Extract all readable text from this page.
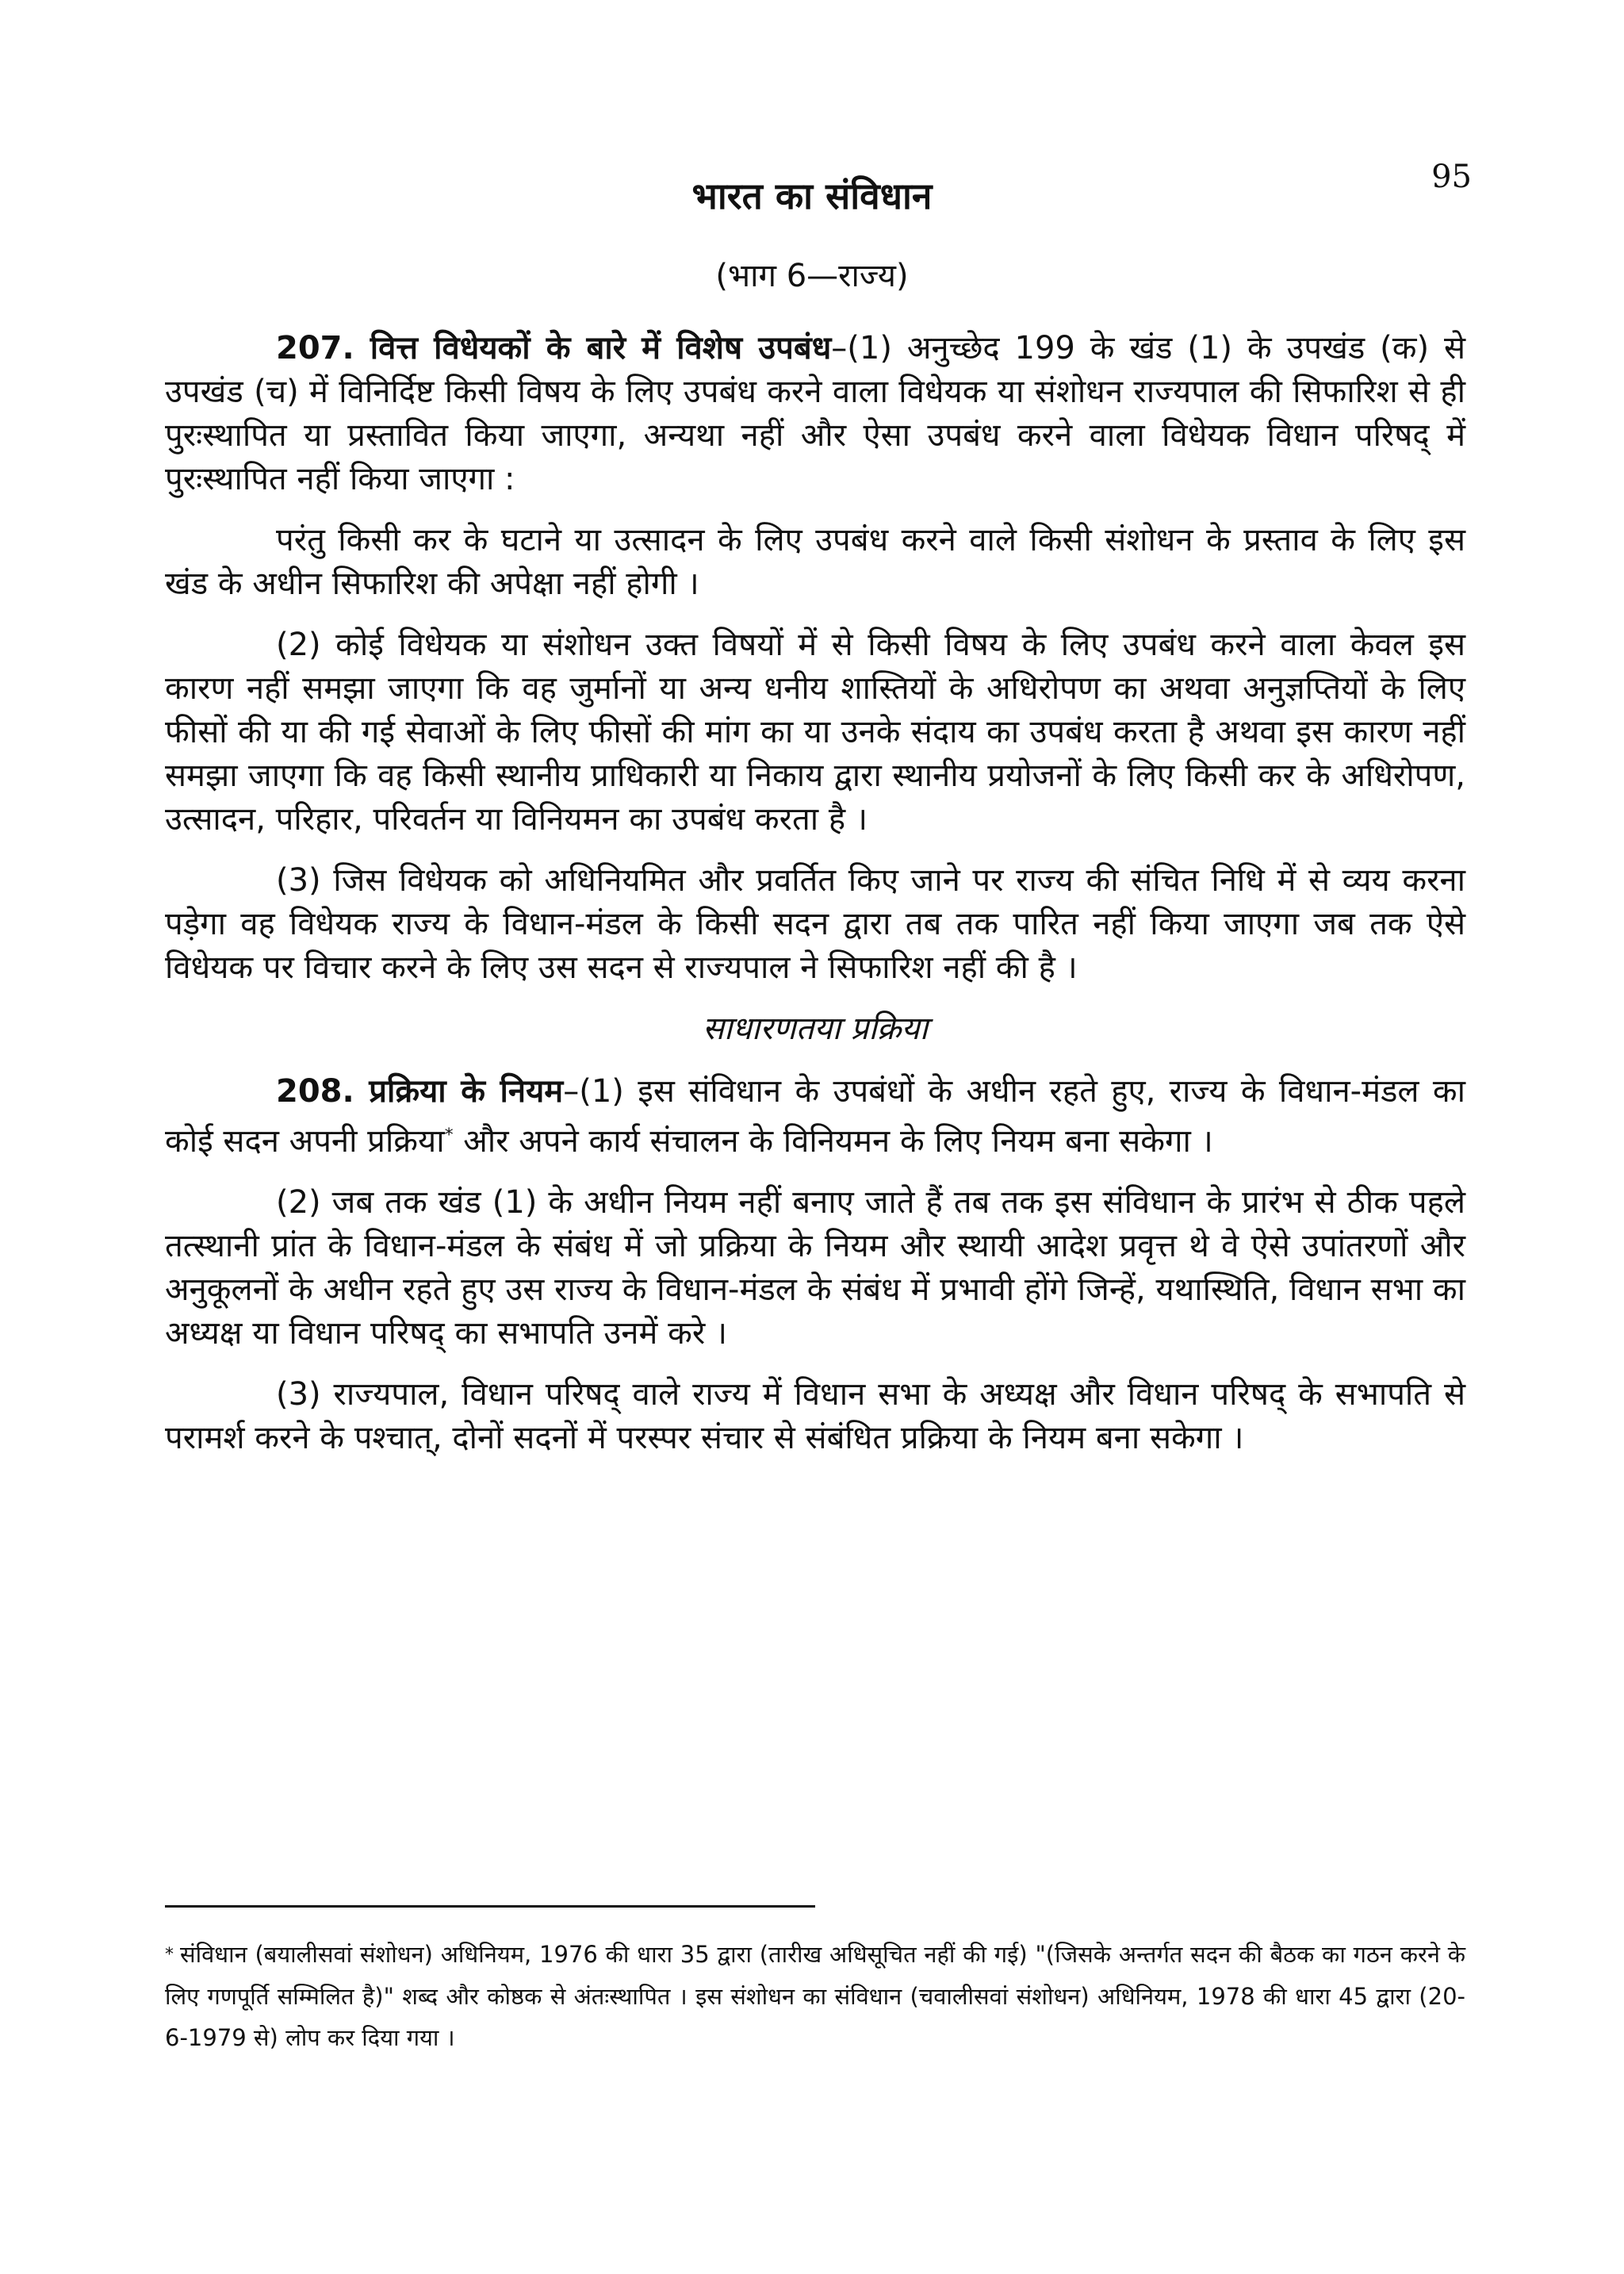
95
भारत का संविधान
(भाग 6—राज्य)

207. वित्त विधेयकों के बारे में विशेष उपबंध–(1) अनुच्छेद 199 के खंड (1) के उपखंड (क) से उपखंड (च) में विनिर्दिष्ट किसी विषय के लिए उपबंध करने वाला विधेयक या संशोधन राज्यपाल की सिफारिश से ही पुरःस्थापित या प्रस्तावित किया जाएगा, अन्यथा नहीं और ऐसा उपबंध करने वाला विधेयक विधान परिषद् में पुरःस्थापित नहीं किया जाएगा :

परंतु किसी कर के घटाने या उत्सादन के लिए उपबंध करने वाले किसी संशोधन के प्रस्ताव के लिए इस खंड के अधीन सिफारिश की अपेक्षा नहीं होगी ।

(2) कोई विधेयक या संशोधन उक्त विषयों में से किसी विषय के लिए उपबंध करने वाला केवल इस कारण नहीं समझा जाएगा कि वह जुर्मानों या अन्य धनीय शास्तियों के अधिरोपण का अथवा अनुज्ञप्तियों के लिए फीसों की या की गई सेवाओं के लिए फीसों की मांग का या उनके संदाय का उपबंध करता है अथवा इस कारण नहीं समझा जाएगा कि वह किसी स्थानीय प्राधिकारी या निकाय द्वारा स्थानीय प्रयोजनों के लिए किसी कर के अधिरोपण, उत्सादन, परिहार, परिवर्तन या विनियमन का उपबंध करता है ।

(3) जिस विधेयक को अधिनियमित और प्रवर्तित किए जाने पर राज्य की संचित निधि में से व्यय करना पड़ेगा वह विधेयक राज्य के विधान-मंडल के किसी सदन द्वारा तब तक पारित नहीं किया जाएगा जब तक ऐसे विधेयक पर विचार करने के लिए उस सदन से राज्यपाल ने सिफारिश नहीं की है ।

साधारणतया प्रक्रिया

208. प्रक्रिया के नियम–(1) इस संविधान के उपबंधों के अधीन रहते हुए, राज्य के विधान-मंडल का कोई सदन अपनी प्रक्रिया* और अपने कार्य संचालन के विनियमन के लिए नियम बना सकेगा ।

(2) जब तक खंड (1) के अधीन नियम नहीं बनाए जाते हैं तब तक इस संविधान के प्रारंभ से ठीक पहले तत्स्थानी प्रांत के विधान-मंडल के संबंध में जो प्रक्रिया के नियम और स्थायी आदेश प्रवृत्त थे वे ऐसे उपांतरणों और अनुकूलनों के अधीन रहते हुए उस राज्य के विधान-मंडल के संबंध में प्रभावी होंगे जिन्हें, यथास्थिति, विधान सभा का अध्यक्ष या विधान परिषद् का सभापति उनमें करे ।

(3) राज्यपाल, विधान परिषद् वाले राज्य में विधान सभा के अध्यक्ष और विधान परिषद् के सभापति से परामर्श करने के पश्चात्, दोनों सदनों में परस्पर संचार से संबंधित प्रक्रिया के नियम बना सकेगा ।

* संविधान (बयालीसवां संशोधन) अधिनियम, 1976 की धारा 35 द्वारा (तारीख अधिसूचित नहीं की गई) "(जिसके अन्तर्गत सदन की बैठक का गठन करने के लिए गणपूर्ति सम्मिलित है)" शब्द और कोष्ठक से अंतःस्थापित । इस संशोधन का संविधान (चवालीसवां संशोधन) अधिनियम, 1978 की धारा 45 द्वारा (20-6-1979 से) लोप कर दिया गया ।
